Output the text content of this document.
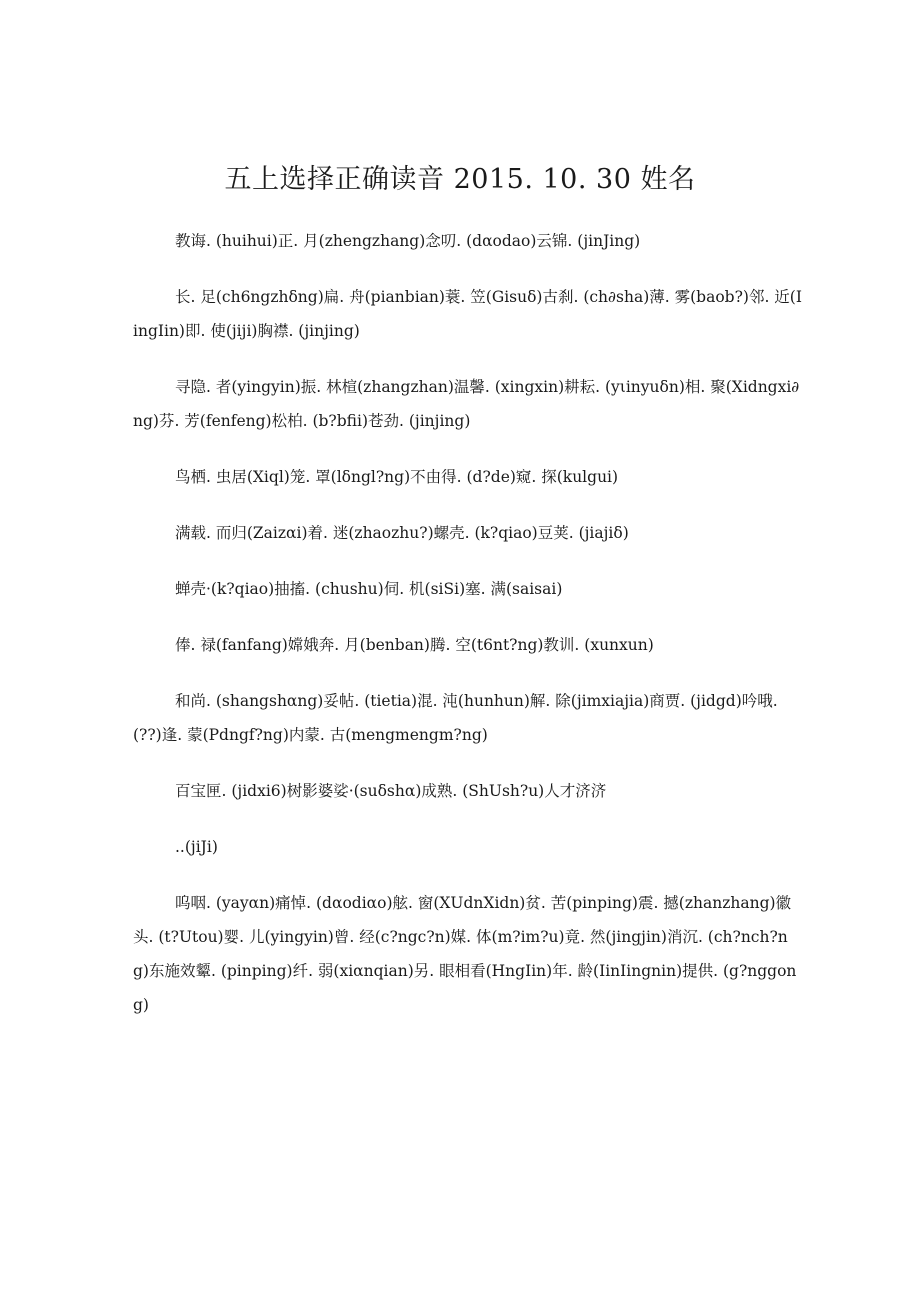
五上选择正确读音 2015. 10. 30 姓名

教诲. (huihui)正. 月(zhengzhang)念叨. (dαodao)云锦. (jinJing)

长. 足(ch6ngzhδng)扁. 舟(pianbian)蓑. 笠(Gisuδ)古刹. (ch∂sha)薄. 雾(baob?)邻. 近(IingIin)即. 使(jiji)胸襟. (jinjing)

寻隐. 者(yingyin)振. 林楦(zhangzhan)温馨. (xingxin)耕耘. (yιinyuδn)相. 聚(Xidngxi∂ng)芬. 芳(fenfeng)松柏. (b?bfii)苍劲. (jinjing)

鸟栖. 虫居(Xiql)笼. 罩(lδngl?ng)不由得. (d?de)窥. 探(kulgui)

满载. 而归(Zaizαi)着. 迷(zhaozhu?)螺壳. (k?qiao)豆荚. (jiajiδ)

蝉壳·(k?qiao)抽搐. (chushu)伺. 机(siSi)塞. 满(saisai)

俸. 禄(fanfang)嫦娥奔. 月(benban)腾. 空(t6nt?ng)教训. (xunxun)

和尚. (shangshαng)妥帖. (tietia)混. 沌(hunhun)解. 除(jimxiajia)商贾. (jidgd)吟哦. (??)逢. 蒙(Pdngf?ng)内蒙. 古(mengmengm?ng)

百宝匣. (jidxi6)树影婆娑·(suδshα)成熟. (ShUsh?u)人才济济

..(jiJi)

呜咽. (yayαn)痛悼. (dαodiαo)舷. 窗(XUdnXidn)贫. 苦(pinping)震. 撼(zhanzhang)徽头. (t?Utou)婴. 儿(yingyin)曾. 经(c?ngc?n)媒. 体(m?im?u)竟. 然(jingjin)消沉. (ch?nch?ng)东施效颦. (pinping)纤. 弱(xiαnqian)另. 眼相看(HngIin)年. 龄(IinIingnin)提供. (g?nggong)
